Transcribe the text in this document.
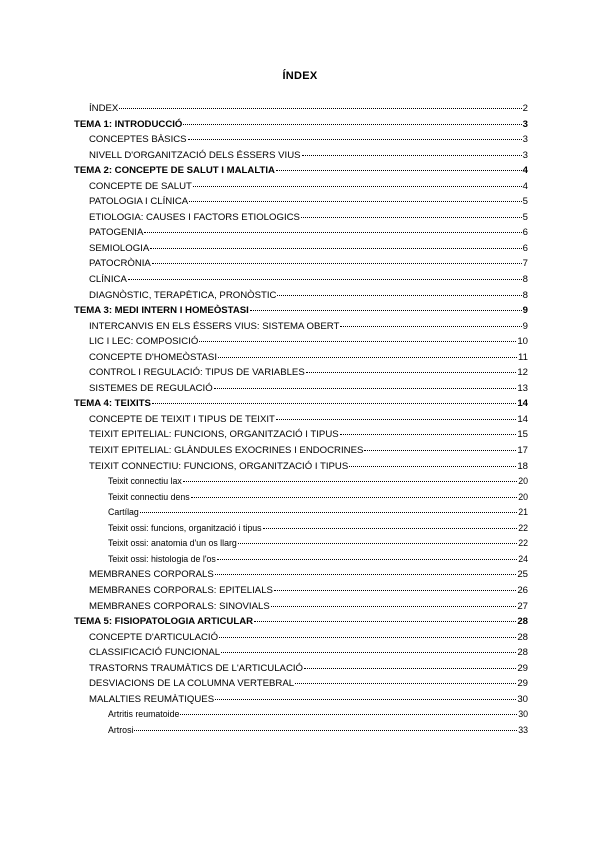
ÍNDEX
ÍNDEX	2
TEMA 1: INTRODUCCIÓ	3
CONCEPTES BÀSICS	3
NIVELL D'ORGANITZACIÓ DELS ÉSSERS VIUS	3
TEMA 2: CONCEPTE DE SALUT I MALALTIA	4
CONCEPTE DE SALUT	4
PATOLOGIA I CLÍNICA	5
ETIOLOGIA: CAUSES I FACTORS ETIOLOGICS	5
PATOGENIA	6
SEMIOLOGIA	6
PATOCRÒNIA	7
CLÍNICA	8
DIAGNÒSTIC, TERAPÈTICA, PRONÒSTIC	8
TEMA 3: MEDI INTERN I HOMEÒSTASI	9
INTERCANVIS EN ELS ÉSSERS VIUS: SISTEMA OBERT	9
LIC I LEC: COMPOSICIÓ	10
CONCEPTE D'HOMEÒSTASI	11
CONTROL I REGULACIÓ: TIPUS DE VARIABLES	12
SISTEMES DE REGULACIÓ	13
TEMA 4: TEIXITS	14
CONCEPTE DE TEIXIT I TIPUS DE TEIXIT	14
TEIXIT EPITELIAL: FUNCIONS, ORGANITZACIÓ I TIPUS	15
TEIXIT EPITELIAL: GLÀNDULES EXOCRINES I ENDOCRINES	17
TEIXIT CONNECTIU: FUNCIONS, ORGANITZACIÓ I TIPUS	18
Teixit connectiu lax	20
Teixit connectiu dens	20
Cartílag	21
Teixit ossi: funcions, organització i tipus	22
Teixit ossi: anatomia d'un os llarg	22
Teixit ossi: histologia de l'os	24
MEMBRANES CORPORALS	25
MEMBRANES CORPORALS: EPITELIALS	26
MEMBRANES CORPORALS: SINOVIALS	27
TEMA 5: FISIOPATOLOGIA ARTICULAR	28
CONCEPTE D'ARTICULACIÓ	28
CLASSIFICACIÓ FUNCIONAL	28
TRASTORNS TRAUMÀTICS DE L'ARTICULACIÓ	29
DESVIACIONS DE LA COLUMNA VERTEBRAL	29
MALALTIES REUMÀTIQUES	30
Artritis reumatoide	30
Artrosi	33
